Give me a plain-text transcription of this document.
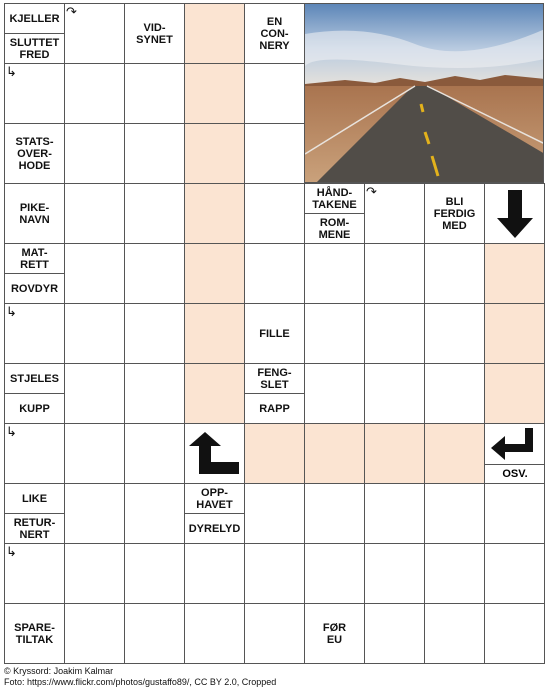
KJELLER
SLUTTET
FRED
VID-
SYNET
EN
CON-
NERY
STATS-
OVER-
HODE
PIKE-
NAVN
HÅND-
TAKENE
ROM-
MENE
BLI
FERDIG
MED
MAT-
RETT
ROVDYR
FILLE
STJELES
KUPP
FENG-
SLET
RAPP
LIKE
RETUR-
NERT
OPP-
HAVET
DYRELYD
SPARE-
TILTAK
FØR
EU
↷
↳
↳
↳
↳
↷
OSV.
© Kryssord: Joakim Kalmar
Foto: https://www.flickr.com/photos/gustaffo89/, CC BY 2.0, Cropped
